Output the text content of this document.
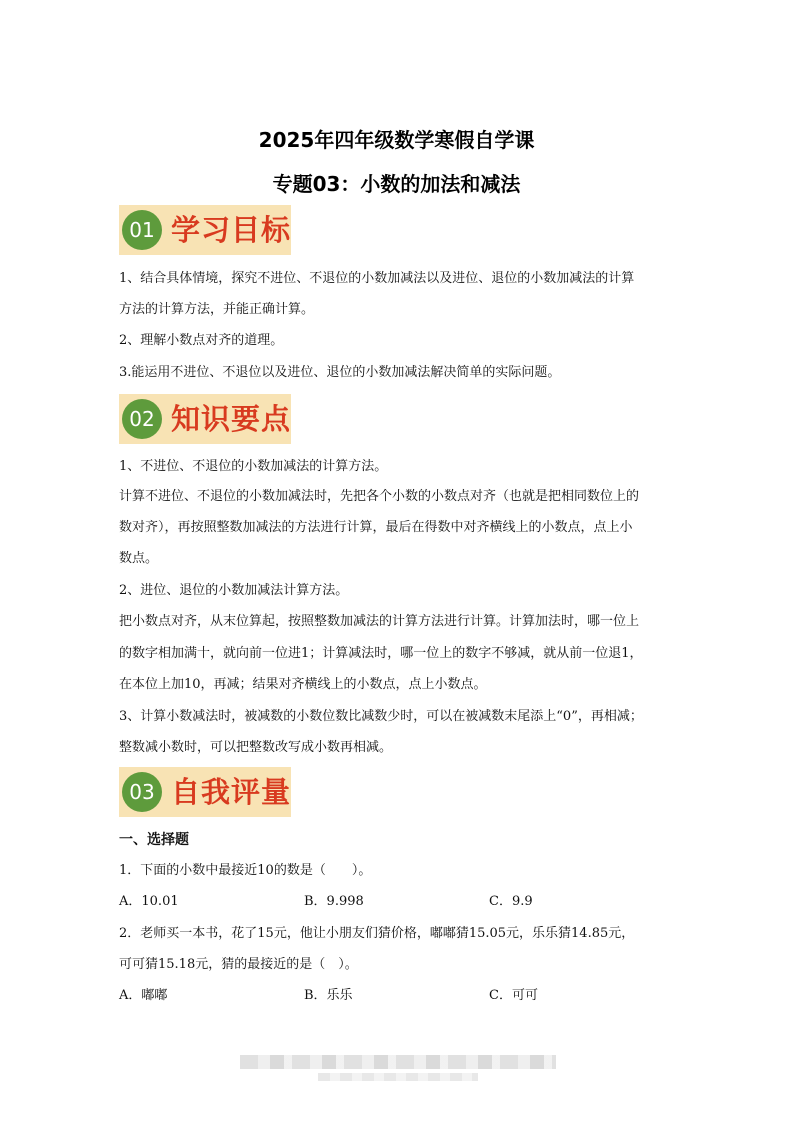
2025年四年级数学寒假自学课
专题03：小数的加法和减法
01 学习目标
1、结合具体情境，探究不进位、不退位的小数加减法以及进位、退位的小数加减法的计算
方法的计算方法，并能正确计算。
2、理解小数点对齐的道理。
3.能运用不进位、不退位以及进位、退位的小数加减法解决简单的实际问题。
02 知识要点
1、不进位、不退位的小数加减法的计算方法。
计算不进位、不退位的小数加减法时，先把各个小数的小数点对齐（也就是把相同数位上的
数对齐），再按照整数加减法的方法进行计算，最后在得数中对齐横线上的小数点，点上小
数点。
2、进位、退位的小数加减法计算方法。
把小数点对齐，从末位算起，按照整数加减法的计算方法进行计算。计算加法时，哪一位上
的数字相加满十，就向前一位进1；计算减法时，哪一位上的数字不够减，就从前一位退1，
在本位上加10，再减；结果对齐横线上的小数点，点上小数点。
3、计算小数减法时，被减数的小数位数比减数少时，可以在被减数末尾添上“0”，再相减；
整数减小数时，可以把整数改写成小数再相减。
03 自我评量
一、选择题
1．下面的小数中最接近10的数是（　　）。
A．10.01	B．9.998	C．9.9
2．老师买一本书，花了15元，他让小朋友们猜价格，嘟嘟猜15.05元，乐乐猜14.85元，
可可猜15.18元，猜的最接近的是（　）。
A．嘟嘟	B．乐乐	C．可可
